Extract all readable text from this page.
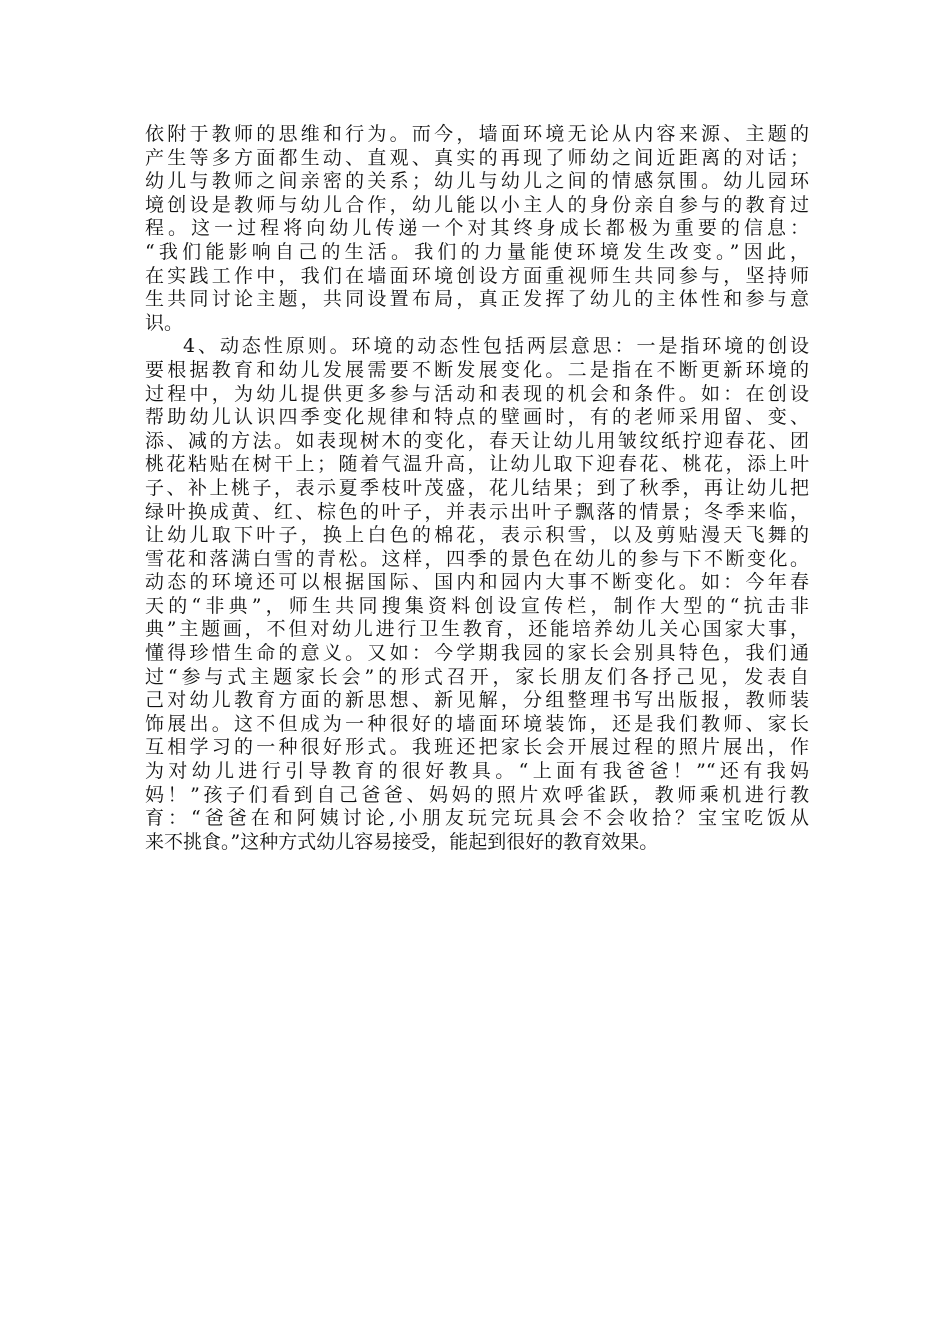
依附于教师的思维和行为。而今，墙面环境无论从内容来源、主题的
产生等多方面都生动、直观、真实的再现了师幼之间近距离的对话；
幼儿与教师之间亲密的关系；幼儿与幼儿之间的情感氛围。幼儿园环
境创设是教师与幼儿合作，幼儿能以小主人的身份亲自参与的教育过
程。这一过程将向幼儿传递一个对其终身成长都极为重要的信息：
“我们能影响自己的生活。我们的力量能使环境发生改变。”因此，
在实践工作中，我们在墙面环境创设方面重视师生共同参与，坚持师
生共同讨论主题，共同设置布局，真正发挥了幼儿的主体性和参与意
识。

4、动态性原则。环境的动态性包括两层意思：一是指环境的创设
要根据教育和幼儿发展需要不断发展变化。二是指在不断更新环境的
过程中，为幼儿提供更多参与活动和表现的机会和条件。如：在创设
帮助幼儿认识四季变化规律和特点的壁画时，有的老师采用留、变、
添、减的方法。如表现树木的变化，春天让幼儿用皱纹纸拧迎春花、团
桃花粘贴在树干上；随着气温升高，让幼儿取下迎春花、桃花，添上叶
子、补上桃子，表示夏季枝叶茂盛，花儿结果；到了秋季，再让幼儿把
绿叶换成黄、红、棕色的叶子，并表示出叶子飘落的情景；冬季来临，
让幼儿取下叶子，换上白色的棉花，表示积雪，以及剪贴漫天飞舞的
雪花和落满白雪的青松。这样，四季的景色在幼儿的参与下不断变化。
动态的环境还可以根据国际、国内和园内大事不断变化。如：今年春
天的“非典”，师生共同搜集资料创设宣传栏，制作大型的“抗击非
典”主题画，不但对幼儿进行卫生教育，还能培养幼儿关心国家大事，
懂得珍惜生命的意义。又如：今学期我园的家长会别具特色，我们通
过“参与式主题家长会”的形式召开，家长朋友们各抒己见，发表自
己对幼儿教育方面的新思想、新见解，分组整理书写出版报，教师装
饰展出。这不但成为一种很好的墙面环境装饰，还是我们教师、家长
互相学习的一种很好形式。我班还把家长会开展过程的照片展出，作
为对幼儿进行引导教育的很好教具。“上面有我爸爸！”“还有我妈
妈！”孩子们看到自己爸爸、妈妈的照片欢呼雀跃，教师乘机进行教
育：“爸爸在和阿姨讨论,小朋友玩完玩具会不会收拾？宝宝吃饭从
来不挑食。”这种方式幼儿容易接受，能起到很好的教育效果。
